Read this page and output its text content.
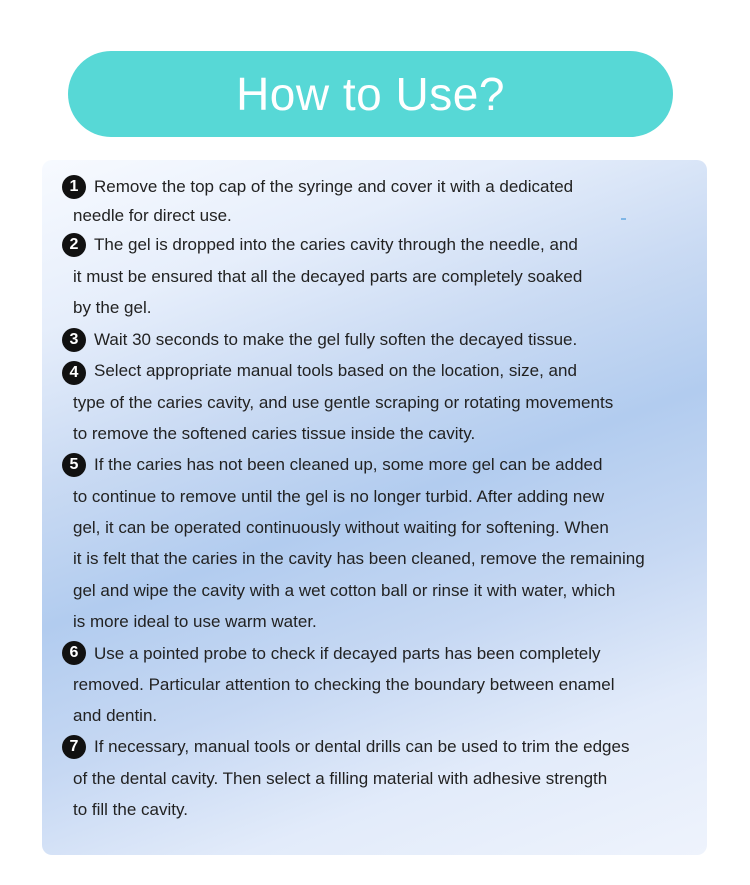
How to Use?
1 Remove the top cap of the syringe and cover it with a dedicated
needle for direct use.
2 The gel is dropped into the caries cavity through the needle, and
it must be ensured that all the decayed parts are completely soaked
by the gel.
3 Wait 30 seconds to make the gel fully soften the decayed tissue.
4 Select appropriate manual tools based on the location, size, and
type of the caries cavity, and use gentle scraping or rotating movements
to remove the softened caries tissue inside the cavity.
5 If the caries has not been cleaned up, some more gel can be added
to continue to remove until the gel is no longer turbid. After adding new
gel, it can be operated continuously without waiting for softening. When
it is felt that the caries in the cavity has been cleaned, remove the remaining
gel and wipe the cavity with a wet cotton ball or rinse it with water, which
is more ideal to use warm water.
6 Use a pointed probe to check if decayed parts has been completely
removed. Particular attention to checking the boundary between enamel
and dentin.
7 If necessary, manual tools or dental drills can be used to trim the edges
of the dental cavity. Then select a filling material with adhesive strength
to fill the cavity.
